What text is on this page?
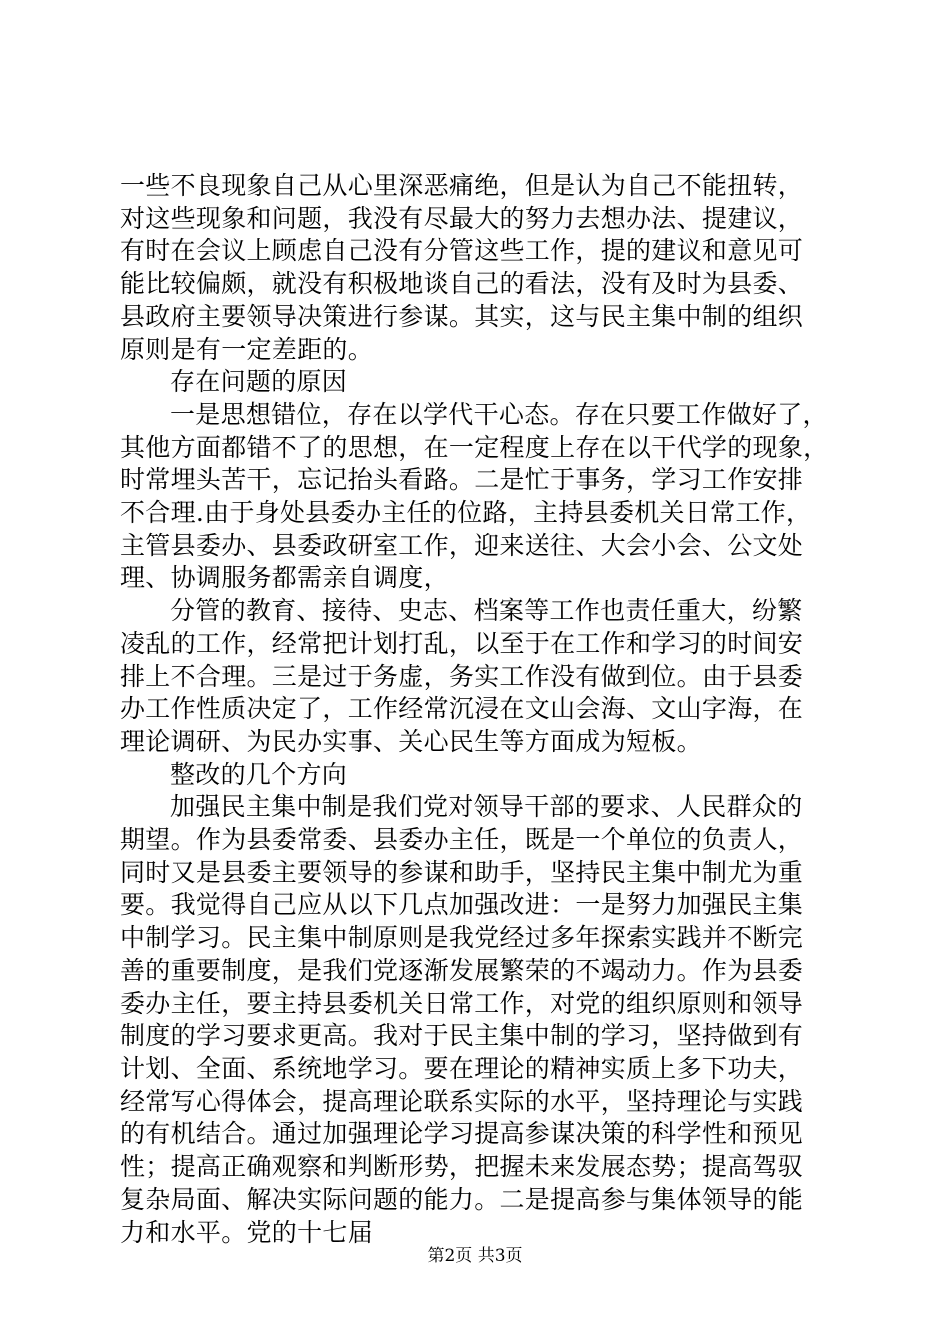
一些不良现象自己从心里深恶痛绝，但是认为自己不能扭转，
对这些现象和问题，我没有尽最大的努力去想办法、提建议，
有时在会议上顾虑自己没有分管这些工作，提的建议和意见可
能比较偏颇，就没有积极地谈自己的看法，没有及时为县委、
县政府主要领导决策进行参谋。其实，这与民主集中制的组织
原则是有一定差距的。

存在问题的原因

一是思想错位，存在以学代干心态。存在只要工作做好了，
其他方面都错不了的思想，在一定程度上存在以干代学的现象，
时常埋头苦干，忘记抬头看路。二是忙于事务，学习工作安排
不合理.由于身处县委办主任的位路，主持县委机关日常工作，
主管县委办、县委政研室工作，迎来送往、大会小会、公文处
理、协调服务都需亲自调度，

分管的教育、接待、史志、档案等工作也责任重大，纷繁
凌乱的工作，经常把计划打乱，以至于在工作和学习的时间安
排上不合理。三是过于务虚，务实工作没有做到位。由于县委
办工作性质决定了，工作经常沉浸在文山会海、文山字海，在
理论调研、为民办实事、关心民生等方面成为短板。

整改的几个方向

加强民主集中制是我们党对领导干部的要求、人民群众的
期望。作为县委常委、县委办主任，既是一个单位的负责人，
同时又是县委主要领导的参谋和助手，坚持民主集中制尤为重
要。我觉得自己应从以下几点加强改进：一是努力加强民主集
中制学习。民主集中制原则是我党经过多年探索实践并不断完
善的重要制度，是我们党逐渐发展繁荣的不竭动力。作为县委
委办主任，要主持县委机关日常工作，对党的组织原则和领导
制度的学习要求更高。我对于民主集中制的学习，坚持做到有
计划、全面、系统地学习。要在理论的精神实质上多下功夫，
经常写心得体会，提高理论联系实际的水平，坚持理论与实践
的有机结合。通过加强理论学习提高参谋决策的科学性和预见
性；提高正确观察和判断形势，把握未来发展态势；提高驾驭
复杂局面、解决实际问题的能力。二是提高参与集体领导的能
力和水平。党的十七届

第2页 共3页
